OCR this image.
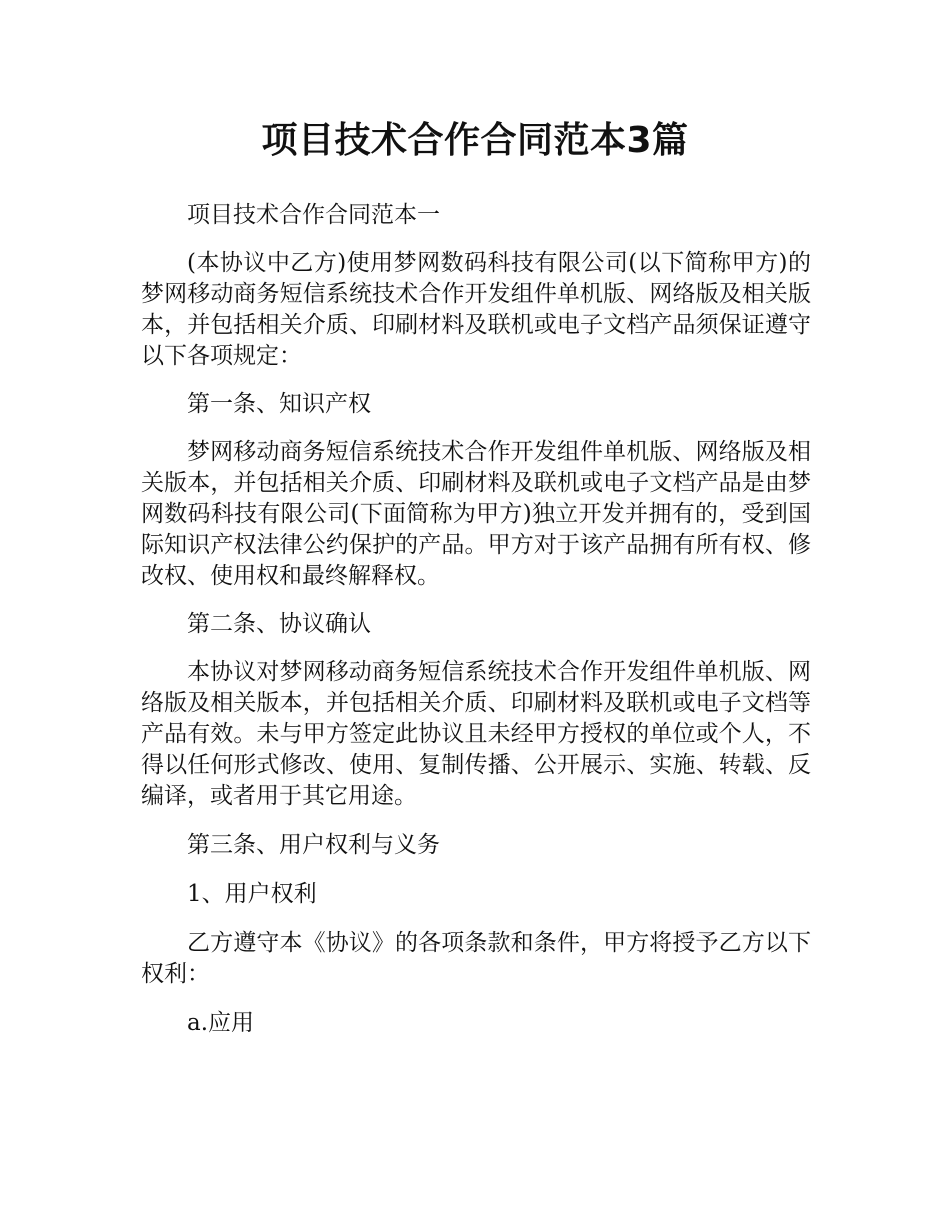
项目技术合作合同范本3篇

项目技术合作合同范本一

(本协议中乙方)使用梦网数码科技有限公司(以下简称甲方)的梦网移动商务短信系统技术合作开发组件单机版、网络版及相关版本，并包括相关介质、印刷材料及联机或电子文档产品须保证遵守以下各项规定：

第一条、知识产权

梦网移动商务短信系统技术合作开发组件单机版、网络版及相关版本，并包括相关介质、印刷材料及联机或电子文档产品是由梦网数码科技有限公司(下面简称为甲方)独立开发并拥有的，受到国际知识产权法律公约保护的产品。甲方对于该产品拥有所有权、修改权、使用权和最终解释权。

第二条、协议确认

本协议对梦网移动商务短信系统技术合作开发组件单机版、网络版及相关版本，并包括相关介质、印刷材料及联机或电子文档等产品有效。未与甲方签定此协议且未经甲方授权的单位或个人，不得以任何形式修改、使用、复制传播、公开展示、实施、转载、反编译，或者用于其它用途。

第三条、用户权利与义务

1、用户权利

乙方遵守本《协议》的各项条款和条件，甲方将授予乙方以下权利：

a.应用
